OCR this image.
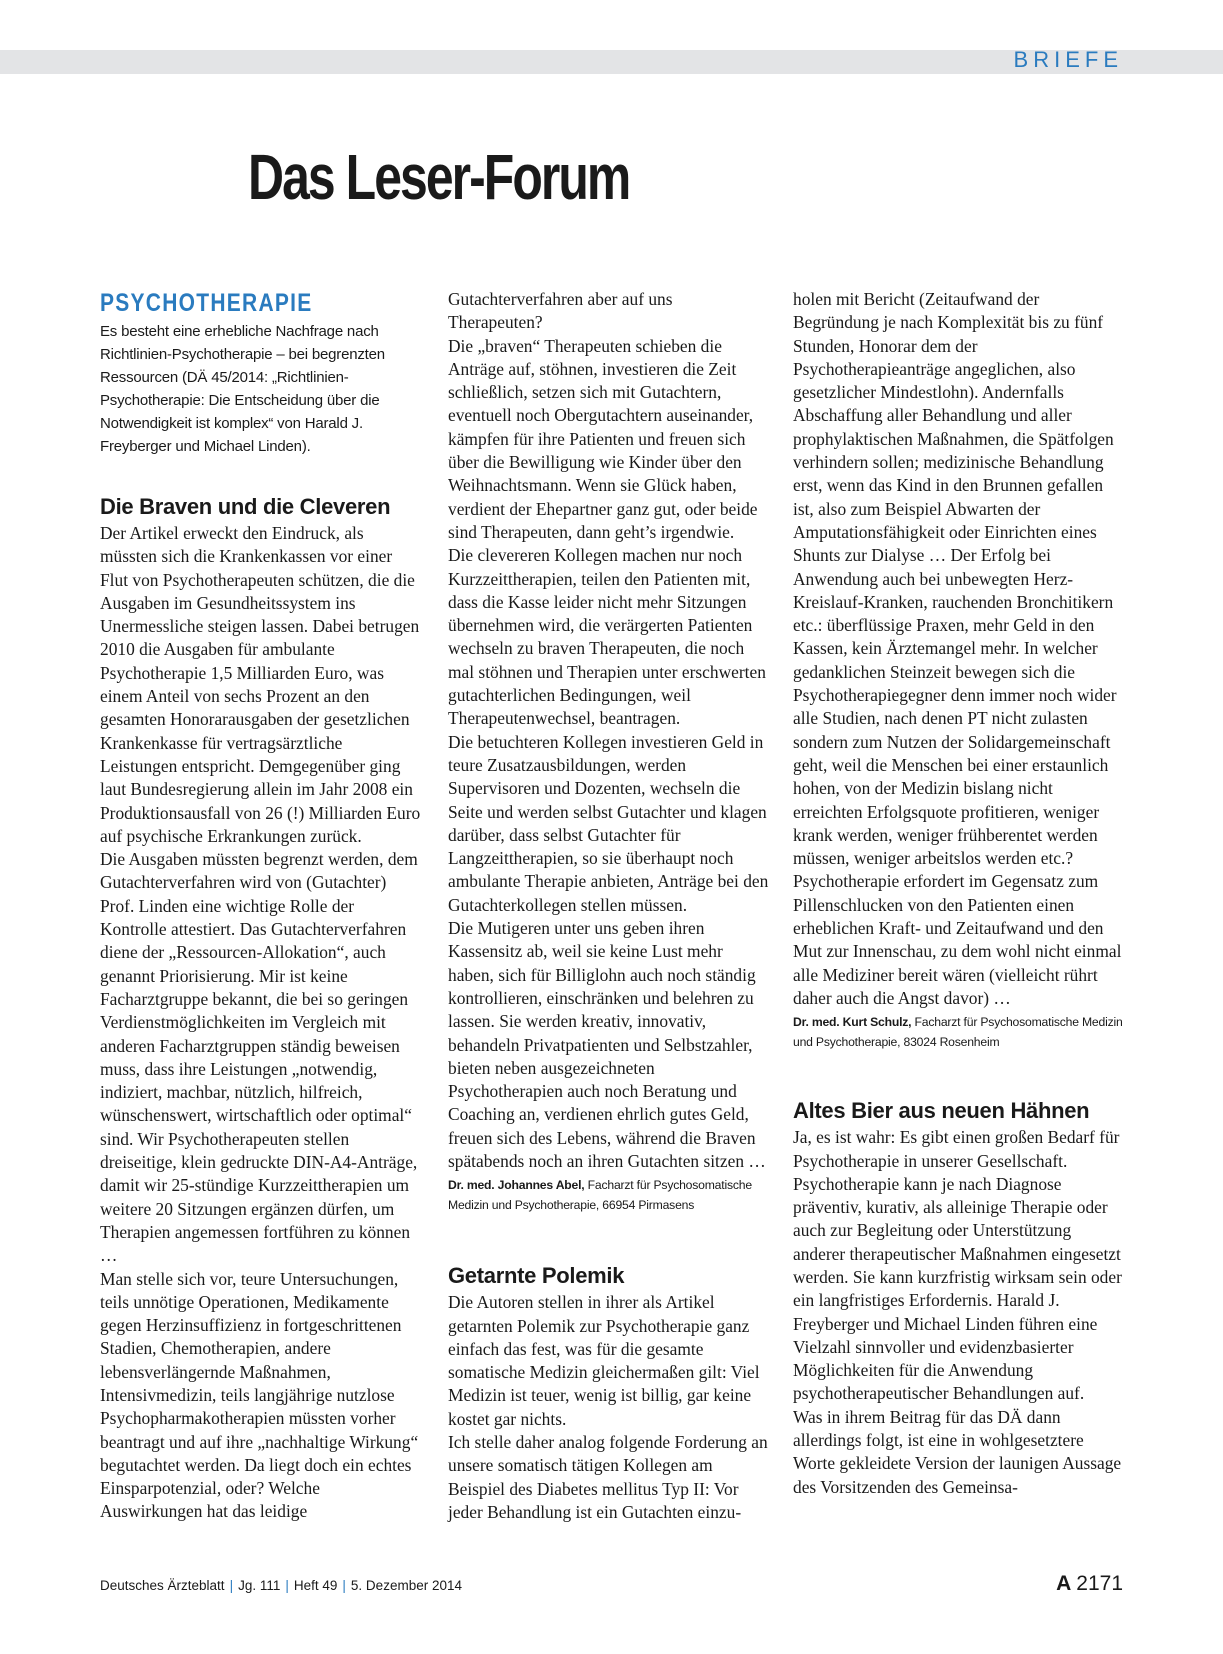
BRIEFE
Das Leser-Forum
PSYCHOTHERAPIE

Es besteht eine erhebliche Nachfrage nach Richtlinien-Psychotherapie – bei begrenzten Ressourcen (DÄ 45/2014: „Richtlinien-Psychotherapie: Die Entscheidung über die Notwendigkeit ist komplex“ von Harald J. Freyberger und Michael Linden).

Die Braven und die Cleveren

Der Artikel erweckt den Eindruck, als müssten sich die Krankenkassen vor einer Flut von Psychotherapeuten schützen, die die Ausgaben im Gesundheitssystem ins Unermessliche steigen lassen. Dabei betrugen 2010 die Ausgaben für ambulante Psychotherapie 1,5 Milliarden Euro, was einem Anteil von sechs Prozent an den gesamten Honorarausgaben der gesetzlichen Krankenkasse für vertragsärztliche Leistungen entspricht. Demgegenüber ging laut Bundesregierung allein im Jahr 2008 ein Produktionsausfall von 26 (!) Milliarden Euro auf psychische Erkrankungen zurück.

Die Ausgaben müssten begrenzt werden, dem Gutachterverfahren wird von (Gutachter) Prof. Linden eine wichtige Rolle der Kontrolle attestiert. Das Gutachterverfahren diene der „Ressourcen-Allokation“, auch genannt Priorisierung. Mir ist keine Facharztgruppe bekannt, die bei so geringen Verdienstmöglichkeiten im Vergleich mit anderen Facharztgruppen ständig beweisen muss, dass ihre Leistungen „notwendig, indiziert, machbar, nützlich, hilfreich, wünschenswert, wirtschaftlich oder optimal“ sind. Wir Psychotherapeuten stellen dreiseitige, klein gedruckte DIN-A4-Anträge, damit wir 25-stündige Kurzzeittherapien um weitere 20 Sitzungen ergänzen dürfen, um Therapien angemessen fortführen zu können …

Man stelle sich vor, teure Untersuchungen, teils unnötige Operationen, Medikamente gegen Herzinsuffizienz in fortgeschrittenen Stadien, Chemotherapien, andere lebensverlängernde Maßnahmen, Intensivmedizin, teils langjährige nutzlose Psychopharmakotherapien müssten vorher beantragt und auf ihre „nachhaltige Wirkung“ begutachtet werden. Da liegt doch ein echtes Einsparpotenzial, oder? Welche Auswirkungen hat das leidige

Gutachterverfahren aber auf uns Therapeuten?

Die „braven“ Therapeuten schieben die Anträge auf, stöhnen, investieren die Zeit schließlich, setzen sich mit Gutachtern, eventuell noch Obergutachtern auseinander, kämpfen für ihre Patienten und freuen sich über die Bewilligung wie Kinder über den Weihnachtsmann. Wenn sie Glück haben, verdient der Ehepartner ganz gut, oder beide sind Therapeuten, dann geht’s irgendwie.

Die clevereren Kollegen machen nur noch Kurzzeittherapien, teilen den Patienten mit, dass die Kasse leider nicht mehr Sitzungen übernehmen wird, die verärgerten Patienten wechseln zu braven Therapeuten, die noch mal stöhnen und Therapien unter erschwerten gutachterlichen Bedingungen, weil Therapeutenwechsel, beantragen.

Die betuchteren Kollegen investieren Geld in teure Zusatzausbildungen, werden Supervisoren und Dozenten, wechseln die Seite und werden selbst Gutachter und klagen darüber, dass selbst Gutachter für Langzeittherapien, so sie überhaupt noch ambulante Therapie anbieten, Anträge bei den Gutachterkollegen stellen müssen.

Die Mutigeren unter uns geben ihren Kassensitz ab, weil sie keine Lust mehr haben, sich für Billiglohn auch noch ständig kontrollieren, einschränken und belehren zu lassen. Sie werden kreativ, innovativ, behandeln Privatpatienten und Selbstzahler, bieten neben ausgezeichneten Psychotherapien auch noch Beratung und Coaching an, verdienen ehrlich gutes Geld, freuen sich des Lebens, während die Braven spätabends noch an ihren Gutachten sitzen …

Dr. med. Johannes Abel, Facharzt für Psychosomatische Medizin und Psychotherapie, 66954 Pirmasens

Getarnte Polemik

Die Autoren stellen in ihrer als Artikel getarnten Polemik zur Psychotherapie ganz einfach das fest, was für die gesamte somatische Medizin gleichermaßen gilt: Viel Medizin ist teuer, wenig ist billig, gar keine kostet gar nichts.

Ich stelle daher analog folgende Forderung an unsere somatisch tätigen Kollegen am Beispiel des Diabetes mellitus Typ II: Vor jeder Behandlung ist ein Gutachten einzu-

holen mit Bericht (Zeitaufwand der Begründung je nach Komplexität bis zu fünf Stunden, Honorar dem der Psychotherapieanträge angeglichen, also gesetzlicher Mindestlohn). Andernfalls Abschaffung aller Behandlung und aller prophylaktischen Maßnahmen, die Spätfolgen verhindern sollen; medizinische Behandlung erst, wenn das Kind in den Brunnen gefallen ist, also zum Beispiel Abwarten der Amputationsfähigkeit oder Einrichten eines Shunts zur Dialyse … Der Erfolg bei Anwendung auch bei unbewegten Herz-Kreislauf-Kranken, rauchenden Bronchitikern etc.: überflüssige Praxen, mehr Geld in den Kassen, kein Ärztemangel mehr. In welcher gedanklichen Steinzeit bewegen sich die Psychotherapiegegner denn immer noch wider alle Studien, nach denen PT nicht zulasten sondern zum Nutzen der Solidargemeinschaft geht, weil die Menschen bei einer erstaunlich hohen, von der Medizin bislang nicht erreichten Erfolgsquote profitieren, weniger krank werden, weniger frühberentet werden müssen, weniger arbeitslos werden etc.? Psychotherapie erfordert im Gegensatz zum Pillenschlucken von den Patienten einen erheblichen Kraft- und Zeitaufwand und den Mut zur Innenschau, zu dem wohl nicht einmal alle Mediziner bereit wären (vielleicht rührt daher auch die Angst davor) …

Dr. med. Kurt Schulz, Facharzt für Psychosomatische Medizin und Psychotherapie, 83024 Rosenheim

Altes Bier aus neuen Hähnen

Ja, es ist wahr: Es gibt einen großen Bedarf für Psychotherapie in unserer Gesellschaft. Psychotherapie kann je nach Diagnose präventiv, kurativ, als alleinige Therapie oder auch zur Begleitung oder Unterstützung anderer therapeutischer Maßnahmen eingesetzt werden. Sie kann kurzfristig wirksam sein oder ein langfristiges Erfordernis. Harald J. Freyberger und Michael Linden führen eine Vielzahl sinnvoller und evidenzbasierter Möglichkeiten für die Anwendung psychotherapeutischer Behandlungen auf.

Was in ihrem Beitrag für das DÄ dann allerdings folgt, ist eine in wohlgesetztere Worte gekleidete Version der launigen Aussage des Vorsitzenden des Gemeinsa-

Deutsches Ärzteblatt | Jg. 111 | Heft 49 | 5. Dezember 2014	A 2171
